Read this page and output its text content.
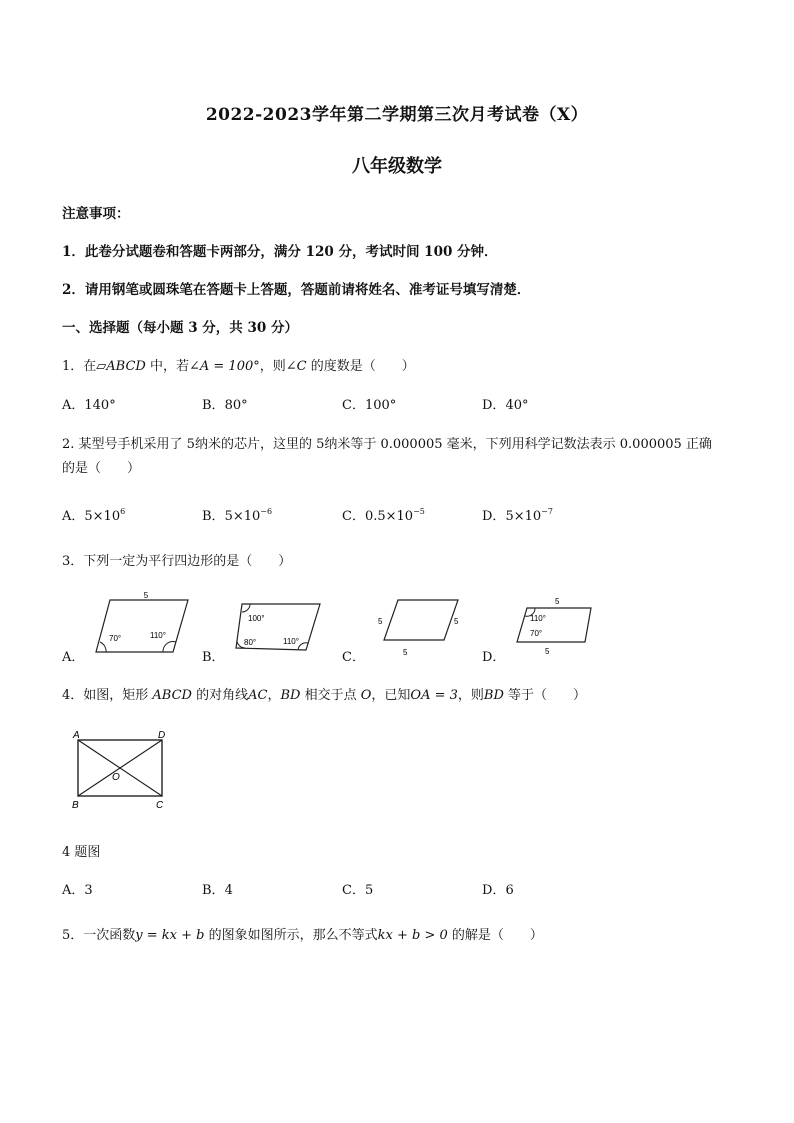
2022-2023学年第二学期第三次月考试卷（X）
八年级数学
注意事项：
1．此卷分试题卷和答题卡两部分，满分 120 分，考试时间 100 分钟．
2．请用钢笔或圆珠笔在答题卡上答题，答题前请将姓名、准考证号填写清楚．
一、选择题（每小题 3 分，共 30 分）
1．在▱ABCD 中，若∠A = 100°，则∠C 的度数是（　　）
A．140°	B．80°	C．100°	D．40°
2. 某型号手机采用了 5纳米的芯片，这里的 5纳米等于 0.000005 毫米，下列用科学记数法表示 0.000005 正确
的是（　　）
A．$5\times 10^6$	B．$5\times 10^{-6}$	C．$0.5\times 10^{-5}$	D．$5\times 10^{-7}$
3．下列一定为平行四边形的是（　　）
A．	B．	C．	D．
5
70°	110°
100°
80°	110°
5	5
5
5
110°
70°
5
4．如图，矩形 ABCD 的对角线AC，BD 相交于点 O，已知OA = 3，则BD 等于（　　）
A	D
B	C
O
4 题图
A．3	B．4	C．5	D．6
5．一次函数y = kx + b 的图象如图所示，那么不等式kx + b > 0 的解是（　　）
